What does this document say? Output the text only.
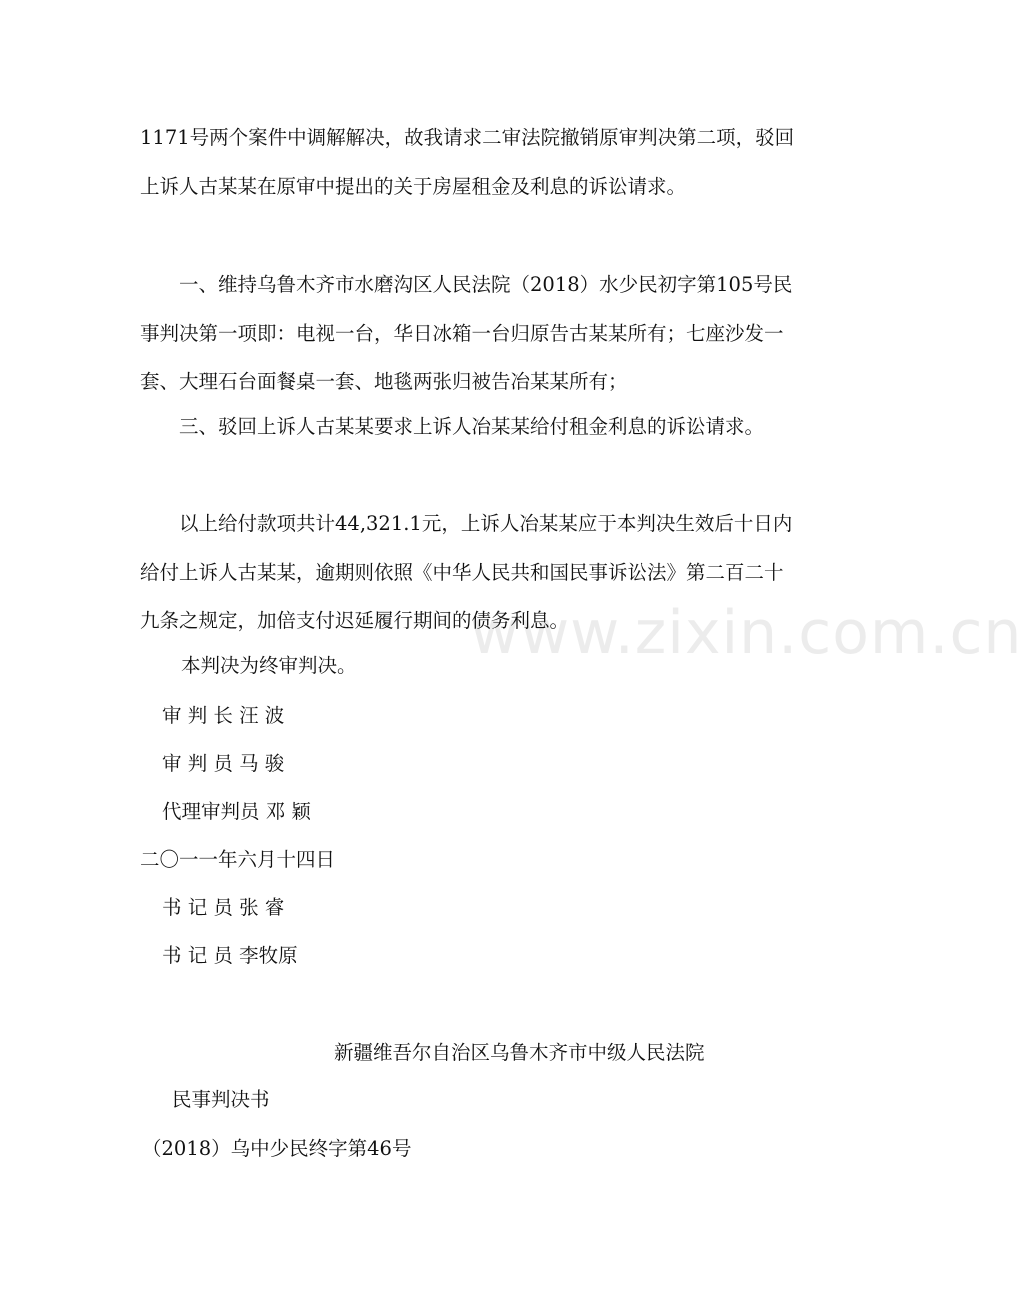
www.zixin.com.cn

1171号两个案件中调解解决，故我请求二审法院撤销原审判决第二项，驳回上诉人古某某在原审中提出的关于房屋租金及利息的诉讼请求。

　　一、维持乌鲁木齐市水磨沟区人民法院（2018）水少民初字第105号民事判决第一项即：电视一台，华日冰箱一台归原告古某某所有；七座沙发一套、大理石台面餐桌一套、地毯两张归被告冶某某所有；

　　三、驳回上诉人古某某要求上诉人冶某某给付租金利息的诉讼请求。

　　以上给付款项共计44,321.1元，上诉人冶某某应于本判决生效后十日内给付上诉人古某某，逾期则依照《中华人民共和国民事诉讼法》第二百二十九条之规定，加倍支付迟延履行期间的债务利息。

本判决为终审判决。

审 判 长 汪 波

审 判 员 马 骏

代理审判员 邓 颖

二〇一一年六月十四日

书 记 员 张 睿

书 记 员 李牧原

新疆维吾尔自治区乌鲁木齐市中级人民法院

民事判决书

（2018）乌中少民终字第46号
